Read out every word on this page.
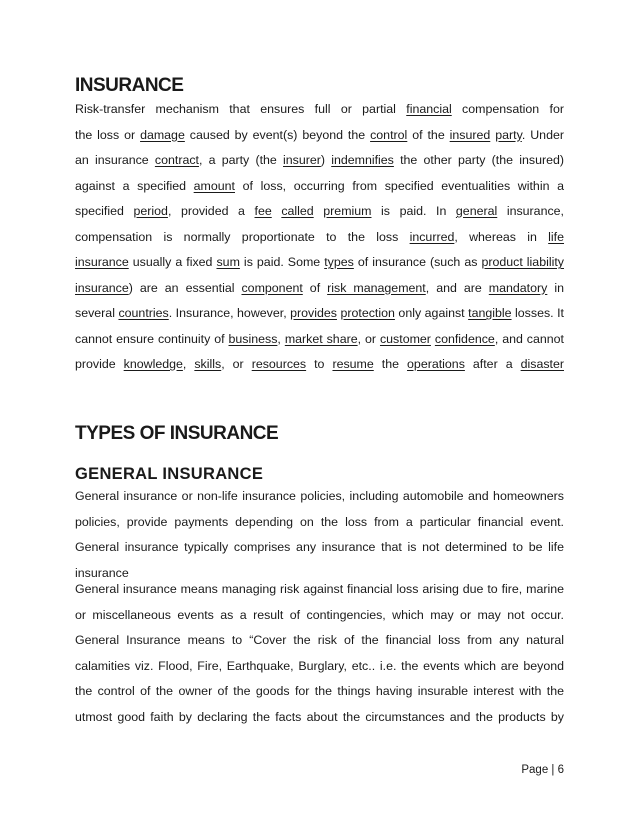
INSURANCE
Risk-transfer mechanism that ensures full or partial financial compensation for
the loss or damage caused by event(s) beyond the control of the insured party. Under
an insurance contract, a party (the insurer) indemnifies the other party (the insured)
against a specified amount of loss, occurring from specified eventualities within a
specified period, provided a fee called premium is paid. In general insurance,
compensation is normally proportionate to the loss incurred, whereas in life
insurance usually a fixed sum is paid. Some types of insurance (such as product liability
insurance) are an essential component of risk management, and are mandatory in
several countries. Insurance, however, provides protection only against tangible losses. It
cannot ensure continuity of business, market share, or customer confidence, and cannot
provide knowledge, skills, or resources to resume the operations after a disaster
TYPES OF INSURANCE
GENERAL INSURANCE
General insurance or non-life insurance policies, including automobile and homeowners
policies, provide payments depending on the loss from a particular financial event.
General insurance typically comprises any insurance that is not determined to be life
insurance
General insurance means managing risk against financial loss arising due to fire, marine
or miscellaneous events as a result of contingencies, which may or may not occur.
General Insurance means to “Cover the risk of the financial loss from any natural
calamities viz. Flood, Fire, Earthquake, Burglary, etc.. i.e. the events which are beyond
the control of the owner of the goods for the things having insurable interest with the
utmost good faith by declaring the facts about the circumstances and the products by
Page | 6
